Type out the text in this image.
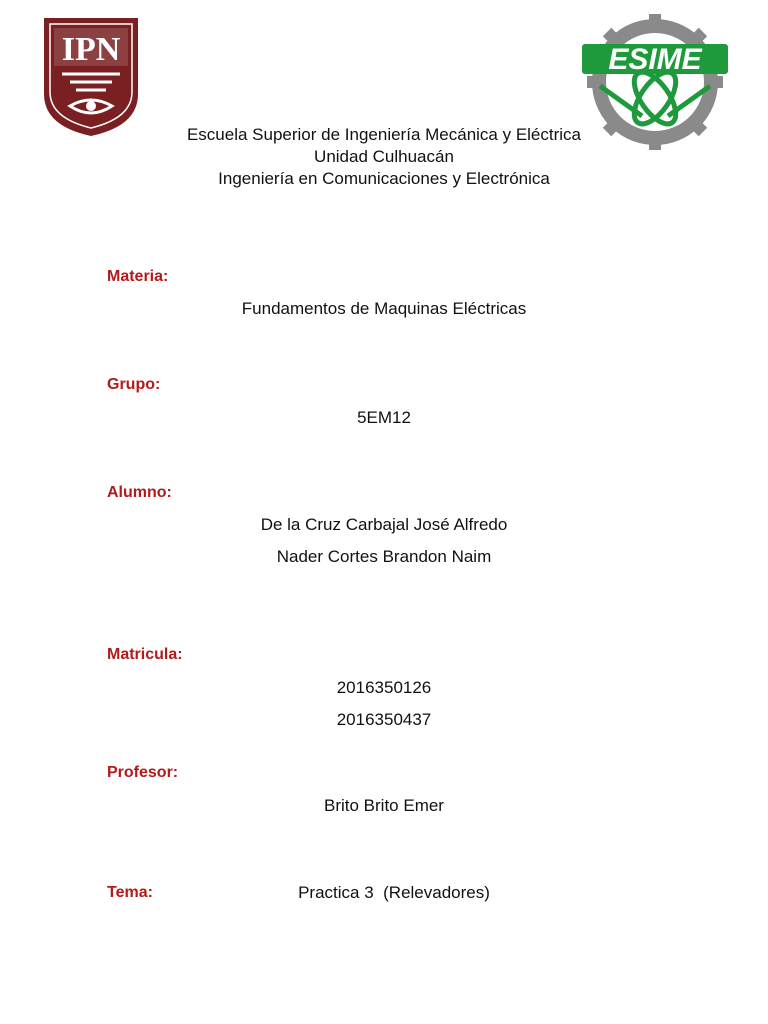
IPN	ESIME
Escuela Superior de Ingeniería Mecánica y Eléctrica
Unidad Culhuacán
Ingeniería en Comunicaciones y Electrónica
Materia:
Fundamentos de Maquinas Eléctricas
Grupo:
5EM12
Alumno:
De la Cruz Carbajal José Alfredo
Nader Cortes Brandon Naim
Matricula:
2016350126
2016350437
Profesor:
Brito Brito Emer
Tema:	Practica 3  (Relevadores)
